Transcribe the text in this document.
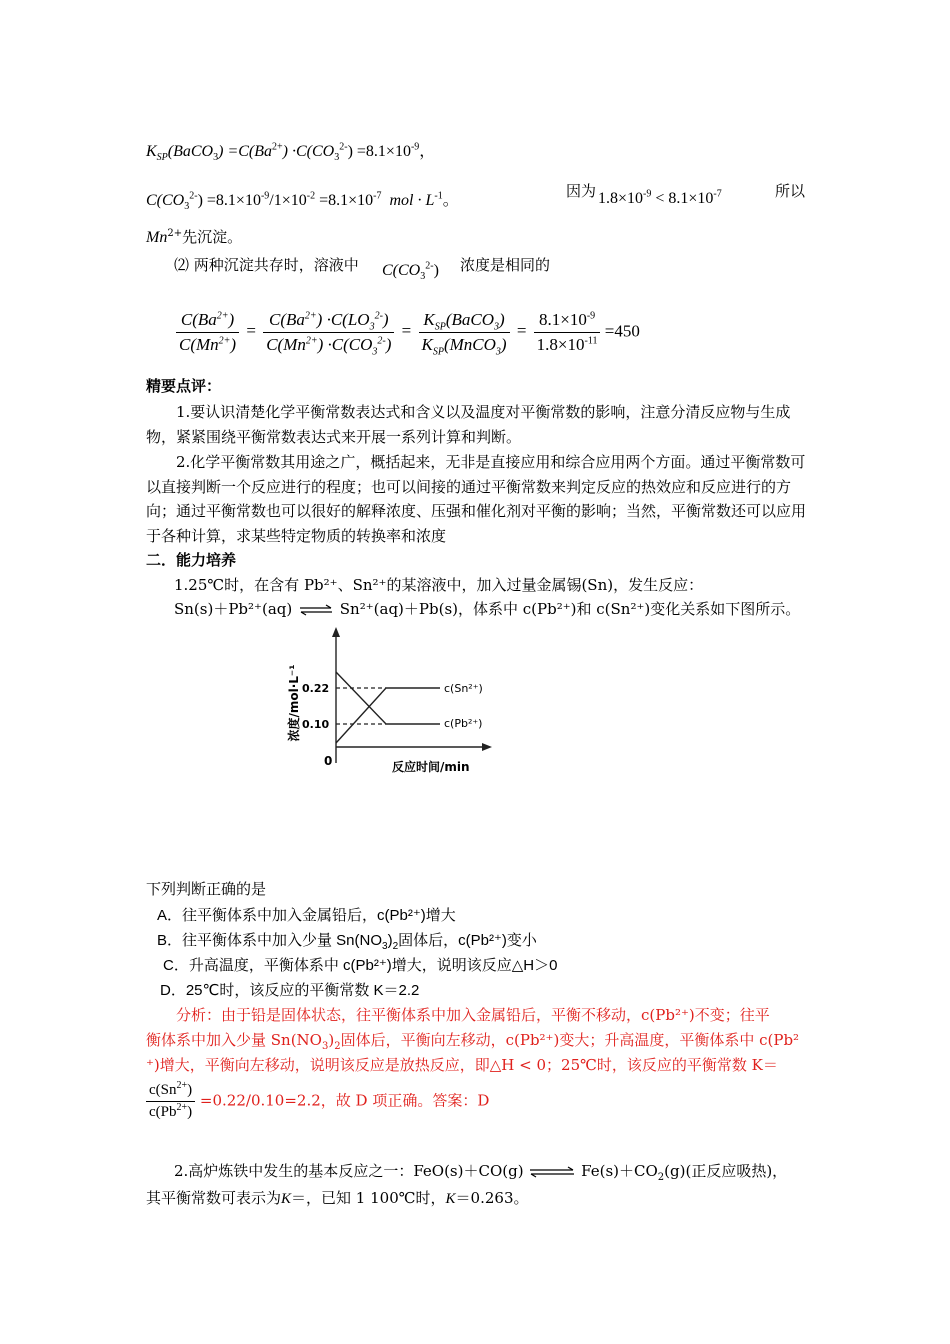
$K_{SP}(BaCO_3) =C(Ba^{2+}) \cdot C(CO_3^{2-}) =8.1\times 10^{-9}$，
$C(CO_3^{2-}) =8.1\times 10^{-9}/1\times 10^{-2} =8.1\times 10^{-7}$ mol · $L^{-1}$。
因为 $1.8\times 10^{-9} < 8.1\times 10^{-7}$	所以
$Mn^{2+}$先沉淀。
⑵ 两种沉淀共存时，溶液中 $C(CO_3^{2-})$ 浓度是相同的
$\frac{C(Ba^{2+})}{C(Mn^{2+})} = \frac{C(Ba^{2+}) \cdot C(LO_3^{2-})}{C(Mn^{2+}) \cdot C(CO_3^{2-})} = \frac{K_{SP}(BaCO_3)}{K_{SP}(MnCO_3)} = \frac{8.1\times 10^{-9}}{1.8\times 10^{-11}} =450$
精要点评：
1.要认识清楚化学平衡常数表达式和含义以及温度对平衡常数的影响，注意分清反应物与生成物，紧紧围绕平衡常数表达式来开展一系列计算和判断。
2.化学平衡常数其用途之广，概括起来，无非是直接应用和综合应用两个方面。通过平衡常数可以直接判断一个反应进行的程度；也可以间接的通过平衡常数来判定反应的热效应和反应进行的方向；通过平衡常数也可以很好的解释浓度、压强和催化剂对平衡的影响；当然，平衡常数还可以应用于各种计算，求某些特定物质的转换率和浓度
二．能力培养
1.25℃时，在含有 Pb²⁺、Sn²⁺的某溶液中，加入过量金属锡(Sn)，发生反应：
Sn(s)＋Pb²⁺(aq) ⇌ Sn²⁺(aq)＋Pb(s)，体系中 c(Pb²⁺)和 c(Sn²⁺)变化关系如下图所示。
浓度/mol·L⁻¹
0	反应时间/min
0.22
0.10
c(Sn²⁺)
c(Pb²⁺)
下列判断正确的是
A．往平衡体系中加入金属铅后，c(Pb²⁺)增大
B．往平衡体系中加入少量 $Sn(NO_3)_2$固体后，c(Pb²⁺)变小
C．升高温度，平衡体系中 c(Pb²⁺)增大，说明该反应△H＞0
D．25℃时，该反应的平衡常数 K＝2.2
分析：由于铅是固体状态，往平衡体系中加入金属铅后，平衡不移动，c(Pb²⁺)不变；往平
衡体系中加入少量 $Sn(NO_3)_2$固体后，平衡向左移动，c(Pb²⁺)变大；升高温度，平衡体系中 c(Pb²
⁺)增大，平衡向左移动，说明该反应是放热反应，即△H < 0；25℃时，该反应的平衡常数 K＝
$\frac{c(Sn^{2+})}{c(Pb^{2+})} =0.22/0.10=2.2$，故 D 项正确。答案：D
2.高炉炼铁中发生的基本反应之一：FeO(s)＋CO(g) ⇌ $Fe(s)+CO_2(g)$(正反应吸热)，
其平衡常数可表示为K＝，已知 1 100℃时，K＝0.263。
